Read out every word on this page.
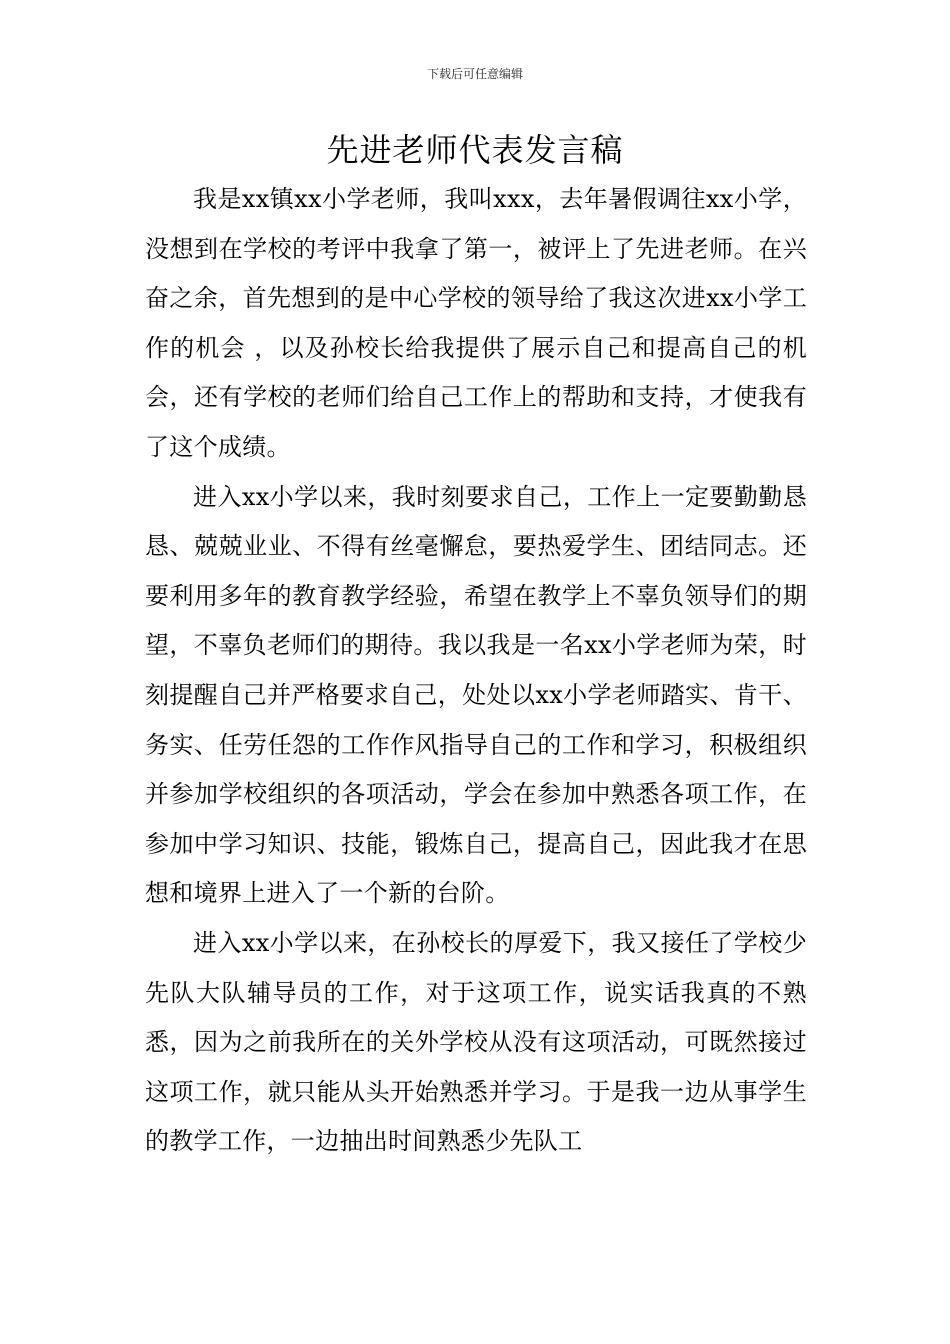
下载后可任意编辑
先进老师代表发言稿

我是xx镇xx小学老师，我叫xxx，去年暑假调往xx小学，没想到在学校的考评中我拿了第一，被评上了先进老师。在兴奋之余，首先想到的是中心学校的领导给了我这次进xx小学工作的机会 ，以及孙校长给我提供了展示自己和提高自己的机会，还有学校的老师们给自己工作上的帮助和支持，才使我有了这个成绩。

进入xx小学以来，我时刻要求自己，工作上一定要勤勤恳恳、兢兢业业、不得有丝毫懈怠，要热爱学生、团结同志。还要利用多年的教育教学经验，希望在教学上不辜负领导们的期望，不辜负老师们的期待。我以我是一名xx小学老师为荣，时刻提醒自己并严格要求自己，处处以xx小学老师踏实、肯干、务实、任劳任怨的工作作风指导自己的工作和学习，积极组织并参加学校组织的各项活动，学会在参加中熟悉各项工作，在参加中学习知识、技能，锻炼自己，提高自己，因此我才在思想和境界上进入了一个新的台阶。

进入xx小学以来，在孙校长的厚爱下，我又接任了学校少先队大队辅导员的工作，对于这项工作，说实话我真的不熟悉，因为之前我所在的关外学校从没有这项活动，可既然接过这项工作，就只能从头开始熟悉并学习。于是我一边从事学生的教学工作，一边抽出时间熟悉少先队工
